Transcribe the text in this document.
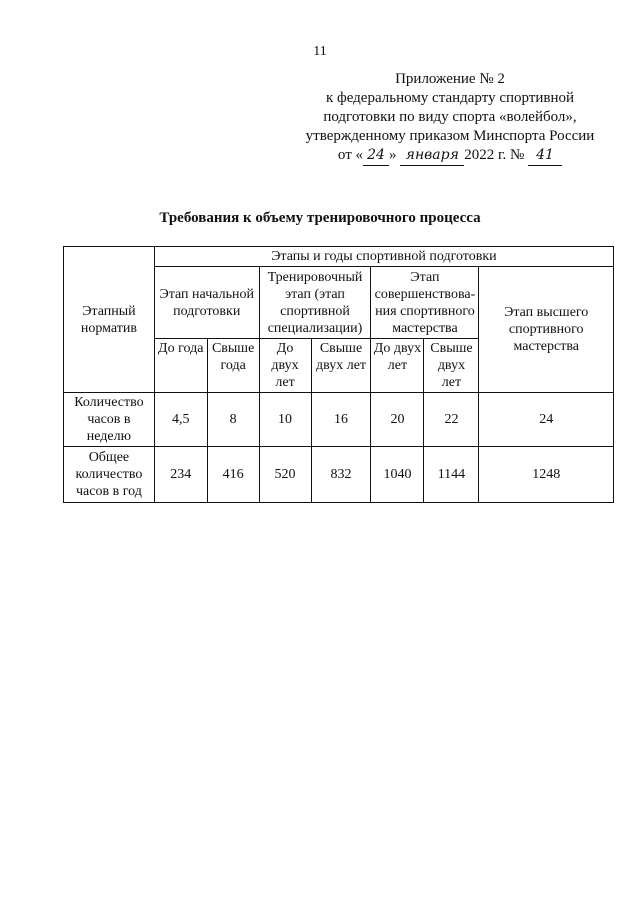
11
Приложение № 2
к федеральному стандарту спортивной
подготовки по виду спорта «волейбол»,
утвержденному приказом Минспорта России
от « 24 » января 2022 г. № 41
Требования к объему тренировочного процесса
Этапный норматив	Этапы и годы спортивной подготовки						
	Этап начальной подготовки		Тренировочный этап (этап спортивной специализации)		Этап совершенствова-ния спортивного мастерства		Этап высшего спортивного мастерства
	До года	Свыше года	До двух лет	Свыше двух лет	До двух лет	Свыше двух лет	
Количество часов в неделю	4,5	8	10	16	20	22	24
Общее количество часов в год	234	416	520	832	1040	1144	1248
